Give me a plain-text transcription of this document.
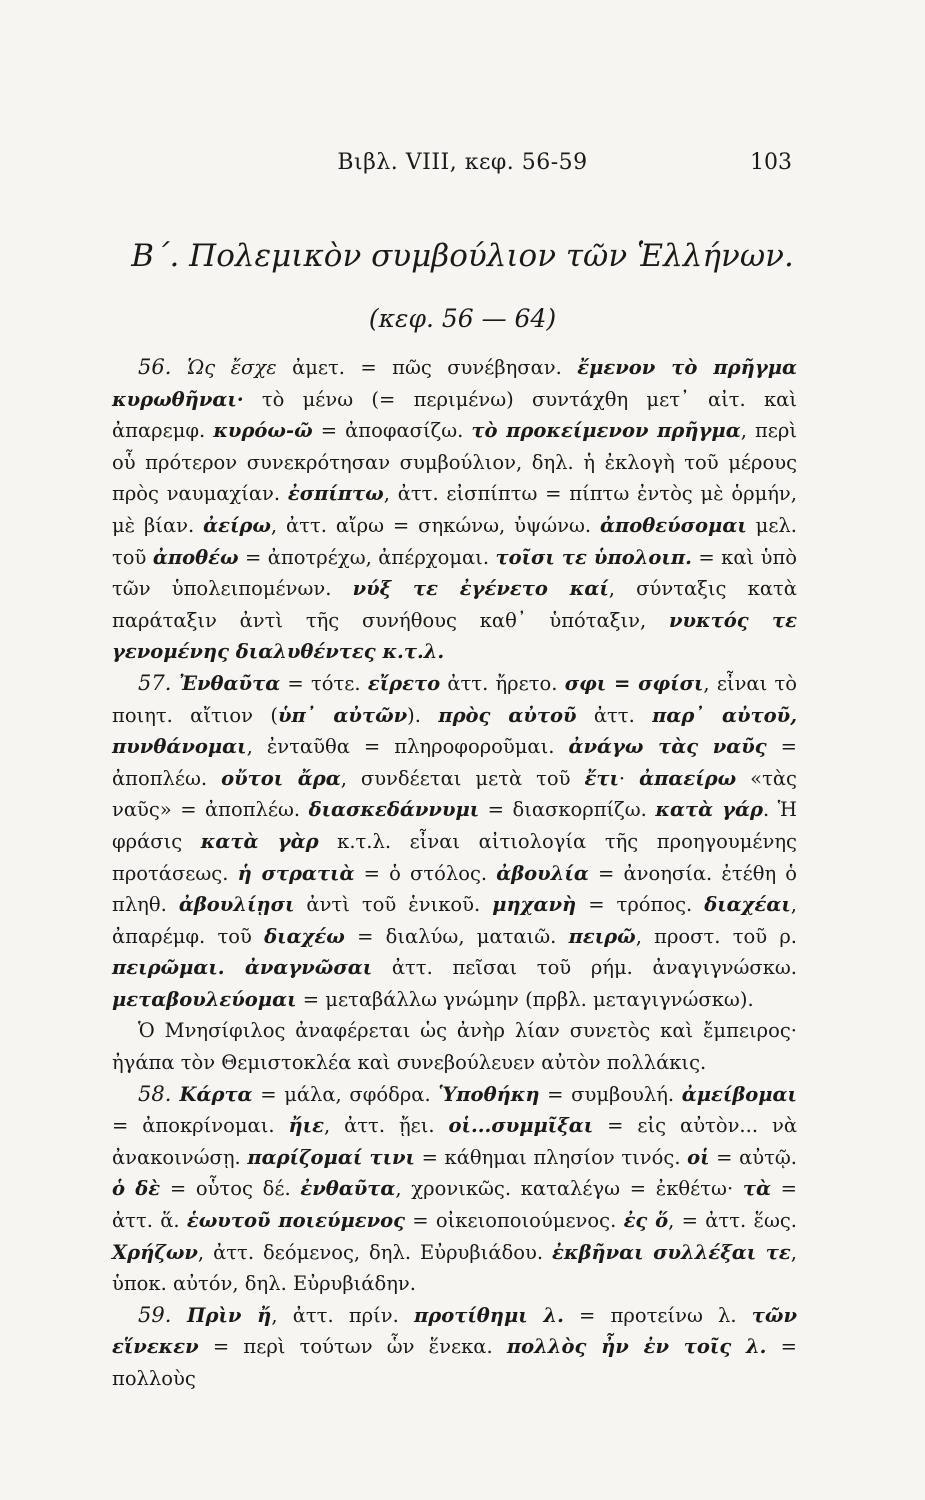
Βιβλ. VIII, κεφ. 56-59	103
Β΄. Πολεμικὸν συμβούλιον τῶν Ἑλλήνων.
(κεφ. 56 — 64)

56. Ὡς ἔσχε ἀμετ. = πῶς συνέβησαν. ἔμενον τὸ πρῆγμα κυρωθῆναι· τὸ μένω (= περιμένω) συντάχθη μετ᾽ αἰτ. καὶ ἀπαρεμφ. κυρόω-ῶ = ἀποφασίζω. τὸ προκείμενον πρῆγμα, περὶ οὗ πρότερον συνεκρότησαν συμβούλιον, δηλ. ἡ ἐκλογὴ τοῦ μέρους πρὸς ναυμαχίαν. ἐσπίπτω, ἀττ. εἰσπίπτω = πίπτω ἐντὸς μὲ ὁρμήν, μὲ βίαν. ἀείρω, ἀττ. αἴρω = σηκώνω, ὑψώνω. ἀποθεύσομαι μελ. τοῦ ἀποθέω = ἀποτρέχω, ἀπέρχομαι. τοῖσι τε ὑπολοιπ. = καὶ ὑπὸ τῶν ὑπολειπομένων. νύξ τε ἐγένετο καί, σύνταξις κατὰ παράταξιν ἀντὶ τῆς συνήθους καθ᾽ ὑπόταξιν, νυκτός τε γενομένης διαλυθέντες κ.τ.λ.

57. Ἐνθαῦτα = τότε. εἴρετο ἀττ. ἤρετο. σφι = σφίσι, εἶναι τὸ ποιητ. αἴτιον (ὑπ᾽ αὐτῶν). πρὸς αὐτοῦ ἀττ. παρ᾽ αὐτοῦ, πυνθάνομαι, ἐνταῦθα = πληροφοροῦμαι. ἀνάγω τὰς ναῦς = ἀποπλέω. οὔτοι ἄρα, συνδέεται μετὰ τοῦ ἔτι· ἀπαείρω «τὰς ναῦς» = ἀποπλέω. διασκεδάννυμι = διασκορπίζω. κατὰ γάρ. Ἡ φράσις κατὰ γὰρ κ.τ.λ. εἶναι αἰτιολογία τῆς προηγουμένης προτάσεως. ἡ στρατιὰ = ὁ στόλος. ἀβουλία = ἀνοησία. ἐτέθη ὁ πληθ. ἀβουλίῃσι ἀντὶ τοῦ ἑνικοῦ. μηχανὴ = τρόπος. διαχέαι, ἀπαρέμφ. τοῦ διαχέω = διαλύω, ματαιῶ. πειρῶ, προστ. τοῦ ρ. πειρῶμαι. ἀναγνῶσαι ἀττ. πεῖσαι τοῦ ρήμ. ἀναγιγνώσκω. μεταβουλεύομαι = μεταβάλλω γνώμην (πρβλ. μεταγιγνώσκω).

Ὁ Μνησίφιλος ἀναφέρεται ὡς ἀνὴρ λίαν συνετὸς καὶ ἔμπειρος· ἠγάπα τὸν Θεμιστοκλέα καὶ συνεβούλευεν αὐτὸν πολλάκις.

58. Κάρτα = μάλα, σφόδρα. Ὑποθήκη = συμβουλή. ἀμείβομαι = ἀποκρίνομαι. ἤιε, ἀττ. ᾔει. οἱ...συμμῖξαι = εἰς αὐτὸν... νὰ ἀνακοινώσῃ. παρίζομαί τινι = κάθημαι πλησίον τινός. οἱ = αὐτῷ. ὁ δὲ = οὗτος δέ. ἐνθαῦτα, χρονικῶς. καταλέγω = ἐκθέτω· τὰ = ἀττ. ἅ. ἑωυτοῦ ποιεύμενος = οἰκειοποιούμενος. ἐς ὅ, = ἀττ. ἕως. Χρήζων, ἀττ. δεόμενος, δηλ. Εὐρυβιάδου. ἐκβῆναι συλλέξαι τε, ὑποκ. αὐτόν, δηλ. Εὐρυβιάδην.

59. Πρὶν ἤ, ἀττ. πρίν. προτίθημι λ. = προτείνω λ. τῶν εἵνεκεν = περὶ τούτων ὧν ἕνεκα. πολλὸς ἦν ἐν τοῖς λ. = πολλοὺς
